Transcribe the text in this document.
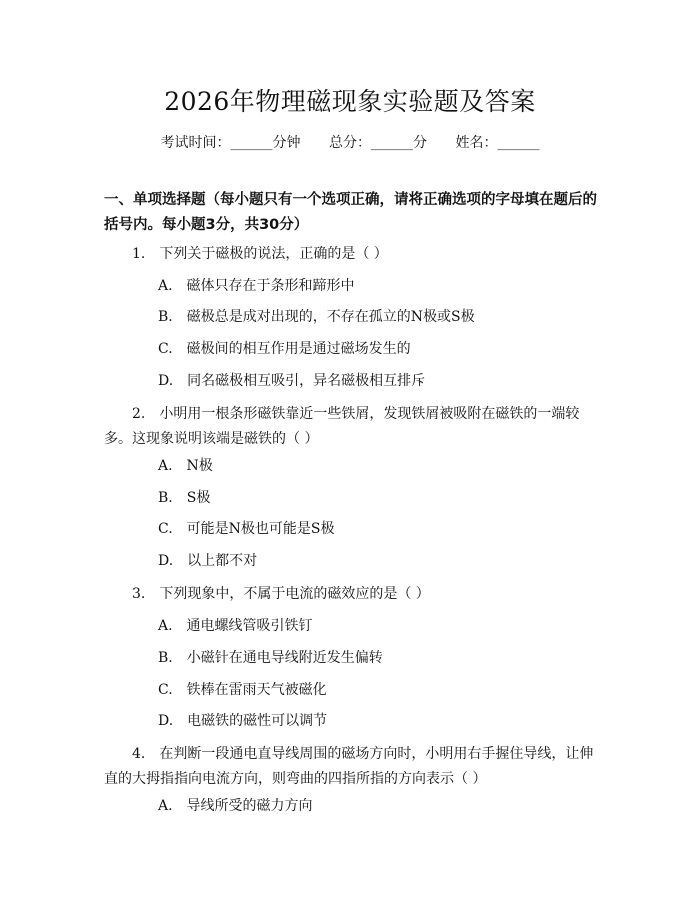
2026年物理磁现象实验题及答案
考试时间：______分钟 总分：______分 姓名：______
一、单项选择题（每小题只有一个选项正确，请将正确选项的字母填在题后的括号内。每小题3分，共30分）
1.　下列关于磁极的说法，正确的是（ ）
A.　磁体只存在于条形和蹄形中
B.　磁极总是成对出现的，不存在孤立的N极或S极
C.　磁极间的相互作用是通过磁场发生的
D.　同名磁极相互吸引，异名磁极相互排斥
2.　小明用一根条形磁铁靠近一些铁屑，发现铁屑被吸附在磁铁的一端较多。这现象说明该端是磁铁的（ ）
A.　N极
B.　S极
C.　可能是N极也可能是S极
D.　以上都不对
3.　下列现象中，不属于电流的磁效应的是（ ）
A.　通电螺线管吸引铁钉
B.　小磁针在通电导线附近发生偏转
C.　铁棒在雷雨天气被磁化
D.　电磁铁的磁性可以调节
4.　在判断一段通电直导线周围的磁场方向时，小明用右手握住导线，让伸直的大拇指指向电流方向，则弯曲的四指所指的方向表示（ ）
A.　导线所受的磁力方向
